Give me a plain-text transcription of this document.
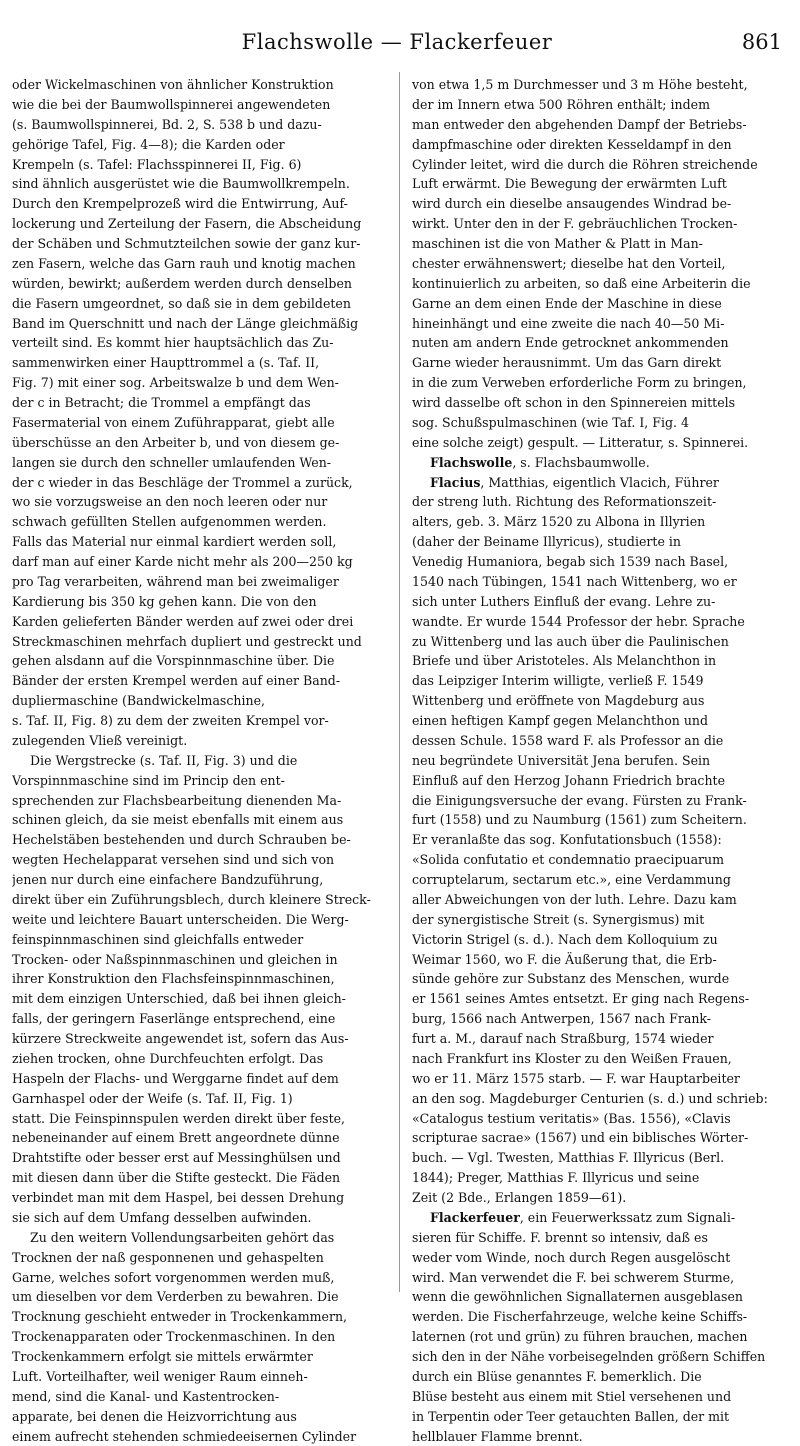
Flachswolle — Flackerfeuer	861
oder Wickelmaschinen von ähnlicher Konstruktion
wie die bei der Baumwollspinnerei angewendeten
(s. Baumwollspinnerei, Bd. 2, S. 538 b und dazu-
gehörige Tafel, Fig. 4—8); die Karden oder
Krempeln (s. Tafel: Flachsspinnerei II, Fig. 6)
sind ähnlich ausgerüstet wie die Baumwollkrempeln.
Durch den Krempelprozeß wird die Entwirrung, Auf-
lockerung und Zerteilung der Fasern, die Abscheidung
der Schäben und Schmutzteilchen sowie der ganz kur-
zen Fasern, welche das Garn rauh und knotig machen
würden, bewirkt; außerdem werden durch denselben
die Fasern umgeordnet, so daß sie in dem gebildeten
Band im Querschnitt und nach der Länge gleichmäßig
verteilt sind. Es kommt hier hauptsächlich das Zu-
sammenwirken einer Haupttrommel a (s. Taf. II,
Fig. 7) mit einer sog. Arbeitswalze b und dem Wen-
der c in Betracht; die Trommel a empfängt das
Fasermaterial von einem Zuführapparat, giebt alle
überschüsse an den Arbeiter b, und von diesem ge-
langen sie durch den schneller umlaufenden Wen-
der c wieder in das Beschläge der Trommel a zurück,
wo sie vorzugsweise an den noch leeren oder nur
schwach gefüllten Stellen aufgenommen werden.
Falls das Material nur einmal kardiert werden soll,
darf man auf einer Karde nicht mehr als 200—250 kg
pro Tag verarbeiten, während man bei zweimaliger
Kardierung bis 350 kg gehen kann. Die von den
Karden gelieferten Bänder werden auf zwei oder drei
Streckmaschinen mehrfach dupliert und gestreckt und
gehen alsdann auf die Vorspinnmaschine über. Die
Bänder der ersten Krempel werden auf einer Band-
dupliermaschine (Bandwickelmaschine,
s. Taf. II, Fig. 8) zu dem der zweiten Krempel vor-
zulegenden Vließ vereinigt.
Die Wergstrecke (s. Taf. II, Fig. 3) und die
Vorspinnmaschine sind im Princip den ent-
sprechenden zur Flachsbearbeitung dienenden Ma-
schinen gleich, da sie meist ebenfalls mit einem aus
Hechelstäben bestehenden und durch Schrauben be-
wegten Hechelapparat versehen sind und sich von
jenen nur durch eine einfachere Bandzuführung,
direkt über ein Zuführungsblech, durch kleinere Streck-
weite und leichtere Bauart unterscheiden. Die Werg-
feinspinnmaschinen sind gleichfalls entweder
Trocken- oder Naßspinnmaschinen und gleichen in
ihrer Konstruktion den Flachsfeinspinnmaschinen,
mit dem einzigen Unterschied, daß bei ihnen gleich-
falls, der geringern Faserlänge entsprechend, eine
kürzere Streckweite angewendet ist, sofern das Aus-
ziehen trocken, ohne Durchfeuchten erfolgt. Das
Haspeln der Flachs- und Werggarne findet auf dem
Garnhaspel oder der Weife (s. Taf. II, Fig. 1)
statt. Die Feinspinnspulen werden direkt über feste,
nebeneinander auf einem Brett angeordnete dünne
Drahtstifte oder besser erst auf Messinghülsen und
mit diesen dann über die Stifte gesteckt. Die Fäden
verbindet man mit dem Haspel, bei dessen Drehung
sie sich auf dem Umfang desselben aufwinden.
Zu den weitern Vollendungsarbeiten gehört das
Trocknen der naß gesponnenen und gehaspelten
Garne, welches sofort vorgenommen werden muß,
um dieselben vor dem Verderben zu bewahren. Die
Trocknung geschieht entweder in Trockenkammern,
Trockenapparaten oder Trockenmaschinen. In den
Trockenkammern erfolgt sie mittels erwärmter
Luft. Vorteilhafter, weil weniger Raum einneh-
mend, sind die Kanal- und Kastentrocken-
apparate, bei denen die Heizvorrichtung aus
einem aufrecht stehenden schmiedeeisernen Cylinder
von etwa 1,5 m Durchmesser und 3 m Höhe besteht,
der im Innern etwa 500 Röhren enthält; indem
man entweder den abgehenden Dampf der Betriebs-
dampfmaschine oder direkten Kesseldampf in den
Cylinder leitet, wird die durch die Röhren streichende
Luft erwärmt. Die Bewegung der erwärmten Luft
wird durch ein dieselbe ansaugendes Windrad be-
wirkt. Unter den in der F. gebräuchlichen Trocken-
maschinen ist die von Mather & Platt in Man-
chester erwähnenswert; dieselbe hat den Vorteil,
kontinuierlich zu arbeiten, so daß eine Arbeiterin die
Garne an dem einen Ende der Maschine in diese
hineinhängt und eine zweite die nach 40—50 Mi-
nuten am andern Ende getrocknet ankommenden
Garne wieder herausnimmt. Um das Garn direkt
in die zum Verweben erforderliche Form zu bringen,
wird dasselbe oft schon in den Spinnereien mittels
sog. Schußspulmaschinen (wie Taf. I, Fig. 4
eine solche zeigt) gespult. — Litteratur, s. Spinnerei.
Flachswolle, s. Flachsbaumwolle.
Flacius, Matthias, eigentlich Vlacich, Führer
der streng luth. Richtung des Reformationszeit-
alters, geb. 3. März 1520 zu Albona in Illyrien
(daher der Beiname Illyricus), studierte in
Venedig Humaniora, begab sich 1539 nach Basel,
1540 nach Tübingen, 1541 nach Wittenberg, wo er
sich unter Luthers Einfluß der evang. Lehre zu-
wandte. Er wurde 1544 Professor der hebr. Sprache
zu Wittenberg und las auch über die Paulinischen
Briefe und über Aristoteles. Als Melanchthon in
das Leipziger Interim willigte, verließ F. 1549
Wittenberg und eröffnete von Magdeburg aus
einen heftigen Kampf gegen Melanchthon und
dessen Schule. 1558 ward F. als Professor an die
neu begründete Universität Jena berufen. Sein
Einfluß auf den Herzog Johann Friedrich brachte
die Einigungsversuche der evang. Fürsten zu Frank-
furt (1558) und zu Naumburg (1561) zum Scheitern.
Er veranlaßte das sog. Konfutationsbuch (1558):
«Solida confutatio et condemnatio praecipuarum
corruptelarum, sectarum etc.», eine Verdammung
aller Abweichungen von der luth. Lehre. Dazu kam
der synergistische Streit (s. Synergismus) mit
Victorin Strigel (s. d.). Nach dem Kolloquium zu
Weimar 1560, wo F. die Äußerung that, die Erb-
sünde gehöre zur Substanz des Menschen, wurde
er 1561 seines Amtes entsetzt. Er ging nach Regens-
burg, 1566 nach Antwerpen, 1567 nach Frank-
furt a. M., darauf nach Straßburg, 1574 wieder
nach Frankfurt ins Kloster zu den Weißen Frauen,
wo er 11. März 1575 starb. — F. war Hauptarbeiter
an den sog. Magdeburger Centurien (s. d.) und schrieb:
«Catalogus testium veritatis» (Bas. 1556), «Clavis
scripturae sacrae» (1567) und ein biblisches Wörter-
buch. — Vgl. Twesten, Matthias F. Illyricus (Berl.
1844); Preger, Matthias F. Illyricus und seine
Zeit (2 Bde., Erlangen 1859—61).
Flackerfeuer, ein Feuerwerkssatz zum Signali-
sieren für Schiffe. F. brennt so intensiv, daß es
weder vom Winde, noch durch Regen ausgelöscht
wird. Man verwendet die F. bei schwerem Sturme,
wenn die gewöhnlichen Signallaternen ausgeblasen
werden. Die Fischerfahrzeuge, welche keine Schiffs-
laternen (rot und grün) zu führen brauchen, machen
sich den in der Nähe vorbeisegelnden größern Schiffen
durch ein Blüse genanntes F. bemerklich. Die
Blüse besteht aus einem mit Stiel versehenen und
in Terpentin oder Teer getauchten Ballen, der mit
hellblauer Flamme brennt.
